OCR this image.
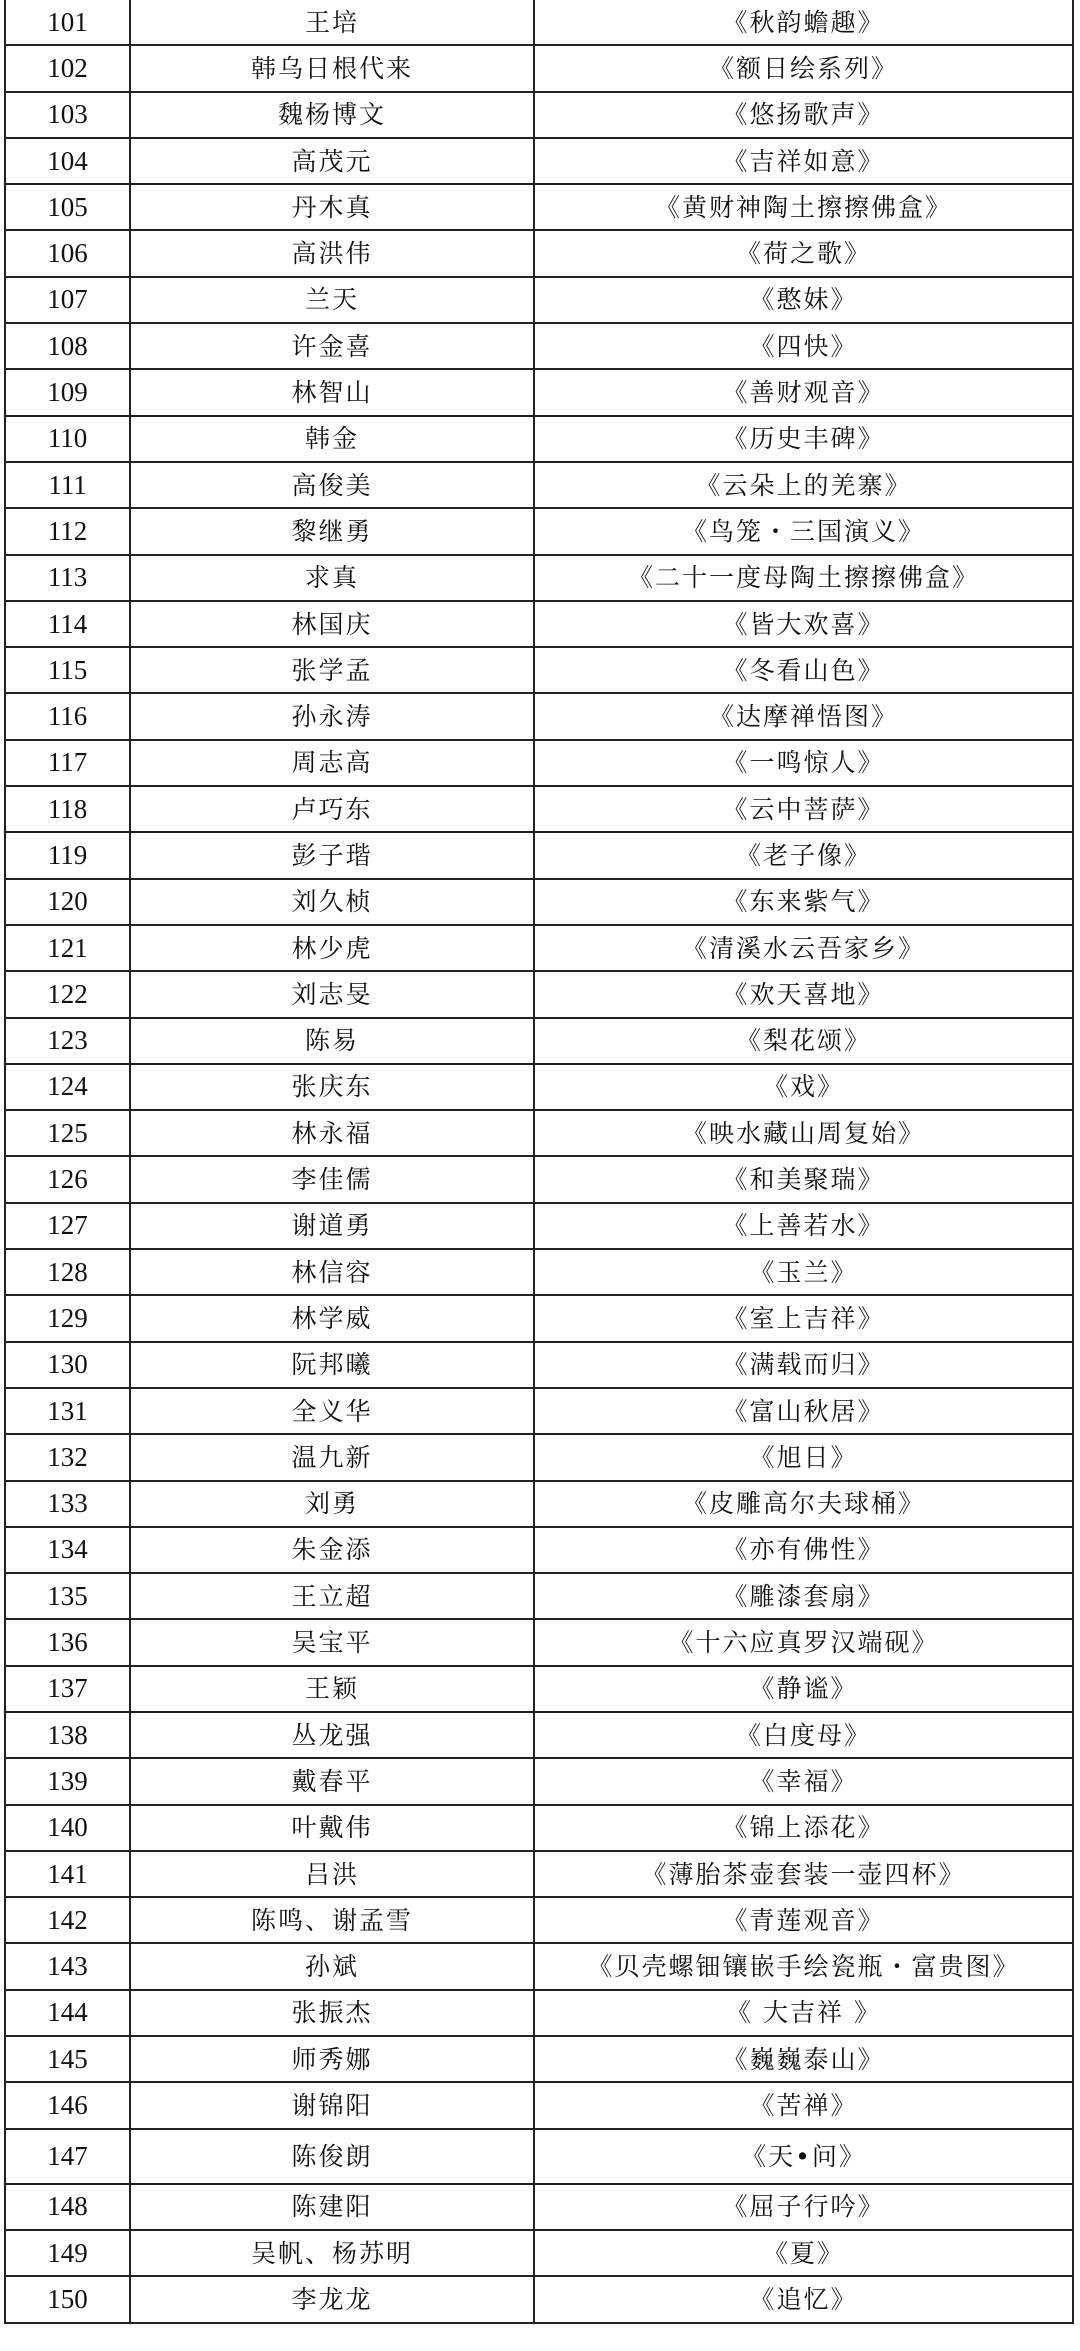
101	王培	《秋韵蟾趣》
102	韩乌日根代来	《额日绘系列》
103	魏杨博文	《悠扬歌声》
104	高茂元	《吉祥如意》
105	丹木真	《黄财神陶土擦擦佛盒》
106	高洪伟	《荷之歌》
107	兰天	《憨妹》
108	许金喜	《四快》
109	林智山	《善财观音》
110	韩金	《历史丰碑》
111	高俊美	《云朵上的羌寨》
112	黎继勇	《鸟笼・三国演义》
113	求真	《二十一度母陶土擦擦佛盒》
114	林国庆	《皆大欢喜》
115	张学孟	《冬看山色》
116	孙永涛	《达摩禅悟图》
117	周志高	《一鸣惊人》
118	卢巧东	《云中菩萨》
119	彭子瑎	《老子像》
120	刘久桢	《东来紫气》
121	林少虎	《清溪水云吾家乡》
122	刘志旻	《欢天喜地》
123	陈易	《梨花颂》
124	张庆东	《戏》
125	林永福	《映水藏山周复始》
126	李佳儒	《和美聚瑞》
127	谢道勇	《上善若水》
128	林信容	《玉兰》
129	林学威	《室上吉祥》
130	阮邦曦	《满载而归》
131	全义华	《富山秋居》
132	温九新	《旭日》
133	刘勇	《皮雕高尔夫球桶》
134	朱金添	《亦有佛性》
135	王立超	《雕漆套扇》
136	吴宝平	《十六应真罗汉端砚》
137	王颖	《静谧》
138	丛龙强	《白度母》
139	戴春平	《幸福》
140	叶戴伟	《锦上添花》
141	吕洪	《薄胎茶壶套装一壶四杯》
142	陈鸣、谢孟雪	《青莲观音》
143	孙斌	《贝壳螺钿镶嵌手绘瓷瓶・富贵图》
144	张振杰	《 大吉祥 》
145	师秀娜	《巍巍泰山》
146	谢锦阳	《苦禅》
147	陈俊朗	《天•问》
148	陈建阳	《屈子行吟》
149	吴帆、杨苏明	《夏》
150	李龙龙	《追忆》
